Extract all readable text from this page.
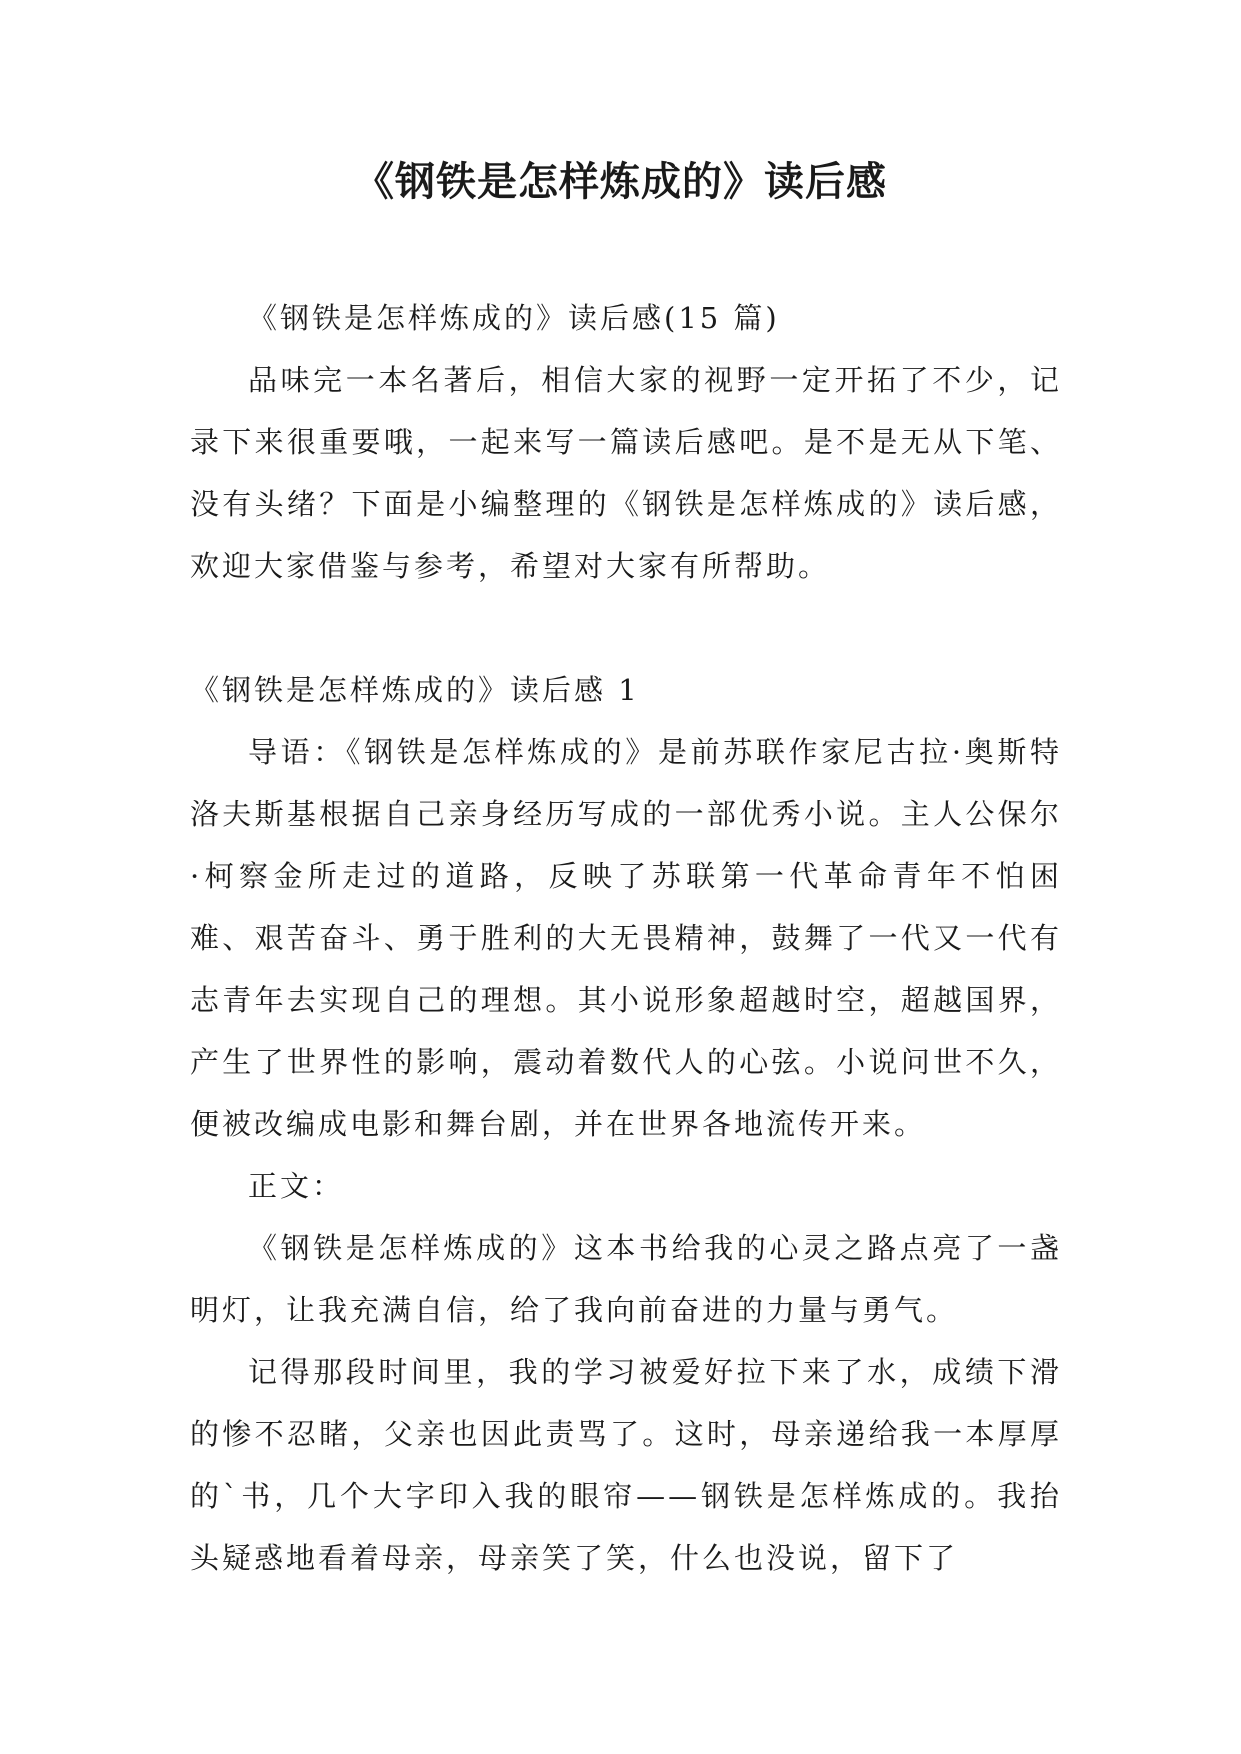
《钢铁是怎样炼成的》读后感

《钢铁是怎样炼成的》读后感(15 篇)

品味完一本名著后，相信大家的视野一定开拓了不少，记录下来很重要哦，一起来写一篇读后感吧。是不是无从下笔、没有头绪？下面是小编整理的《钢铁是怎样炼成的》读后感，欢迎大家借鉴与参考，希望对大家有所帮助。

《钢铁是怎样炼成的》读后感 1

导语：《钢铁是怎样炼成的》是前苏联作家尼古拉·奥斯特洛夫斯基根据自己亲身经历写成的一部优秀小说。主人公保尔·柯察金所走过的道路，反映了苏联第一代革命青年不怕困难、艰苦奋斗、勇于胜利的大无畏精神，鼓舞了一代又一代有志青年去实现自己的理想。其小说形象超越时空，超越国界，产生了世界性的影响，震动着数代人的心弦。小说问世不久，便被改编成电影和舞台剧，并在世界各地流传开来。

正文：

《钢铁是怎样炼成的》这本书给我的心灵之路点亮了一盏明灯，让我充满自信，给了我向前奋进的力量与勇气。

记得那段时间里，我的学习被爱好拉下来了水，成绩下滑的惨不忍睹，父亲也因此责骂了。这时，母亲递给我一本厚厚的`书，几个大字印入我的眼帘——钢铁是怎样炼成的。我抬头疑惑地看着母亲，母亲笑了笑，什么也没说，留下了
